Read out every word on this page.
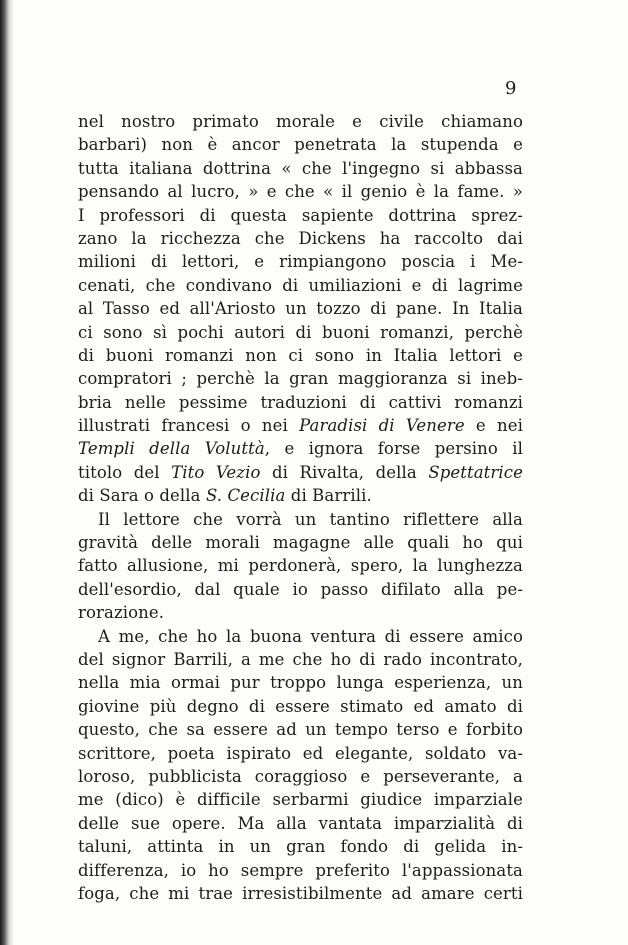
9

nel nostro primato morale e civile chiamano
barbari) non è ancor penetrata la stupenda e
tutta italiana dottrina « che l'ingegno si abbassa
pensando al lucro, » e che « il genio è la fame. »
I professori di questa sapiente dottrina sprez-
zano la ricchezza che Dickens ha raccolto dai
milioni di lettori, e rimpiangono poscia i Me-
cenati, che condivano di umiliazioni e di lagrime
al Tasso ed all'Ariosto un tozzo di pane. In Italia
ci sono sì pochi autori di buoni romanzi, perchè
di buoni romanzi non ci sono in Italia lettori e
compratori ; perchè la gran maggioranza si ineb-
bria nelle pessime traduzioni di cattivi romanzi
illustrati francesi o nei Paradisi di Venere e nei
Templi della Voluttà, e ignora forse persino il
titolo del Tito Vezio di Rivalta, della Spettatrice
di Sara o della S. Cecilia di Barrili.
Il lettore che vorrà un tantino riflettere alla
gravità delle morali magagne alle quali ho qui
fatto allusione, mi perdonerà, spero, la lunghezza
dell'esordio, dal quale io passo difilato alla pe-
rorazione.
A me, che ho la buona ventura di essere amico
del signor Barrili, a me che ho di rado incontrato,
nella mia ormai pur troppo lunga esperienza, un
giovine più degno di essere stimato ed amato di
questo, che sa essere ad un tempo terso e forbito
scrittore, poeta ispirato ed elegante, soldato va-
loroso, pubblicista coraggioso e perseverante, a
me (dico) è difficile serbarmi giudice imparziale
delle sue opere. Ma alla vantata imparzialità di
taluni, attinta in un gran fondo di gelida in-
differenza, io ho sempre preferito l'appassionata
foga, che mi trae irresistibilmente ad amare certi
